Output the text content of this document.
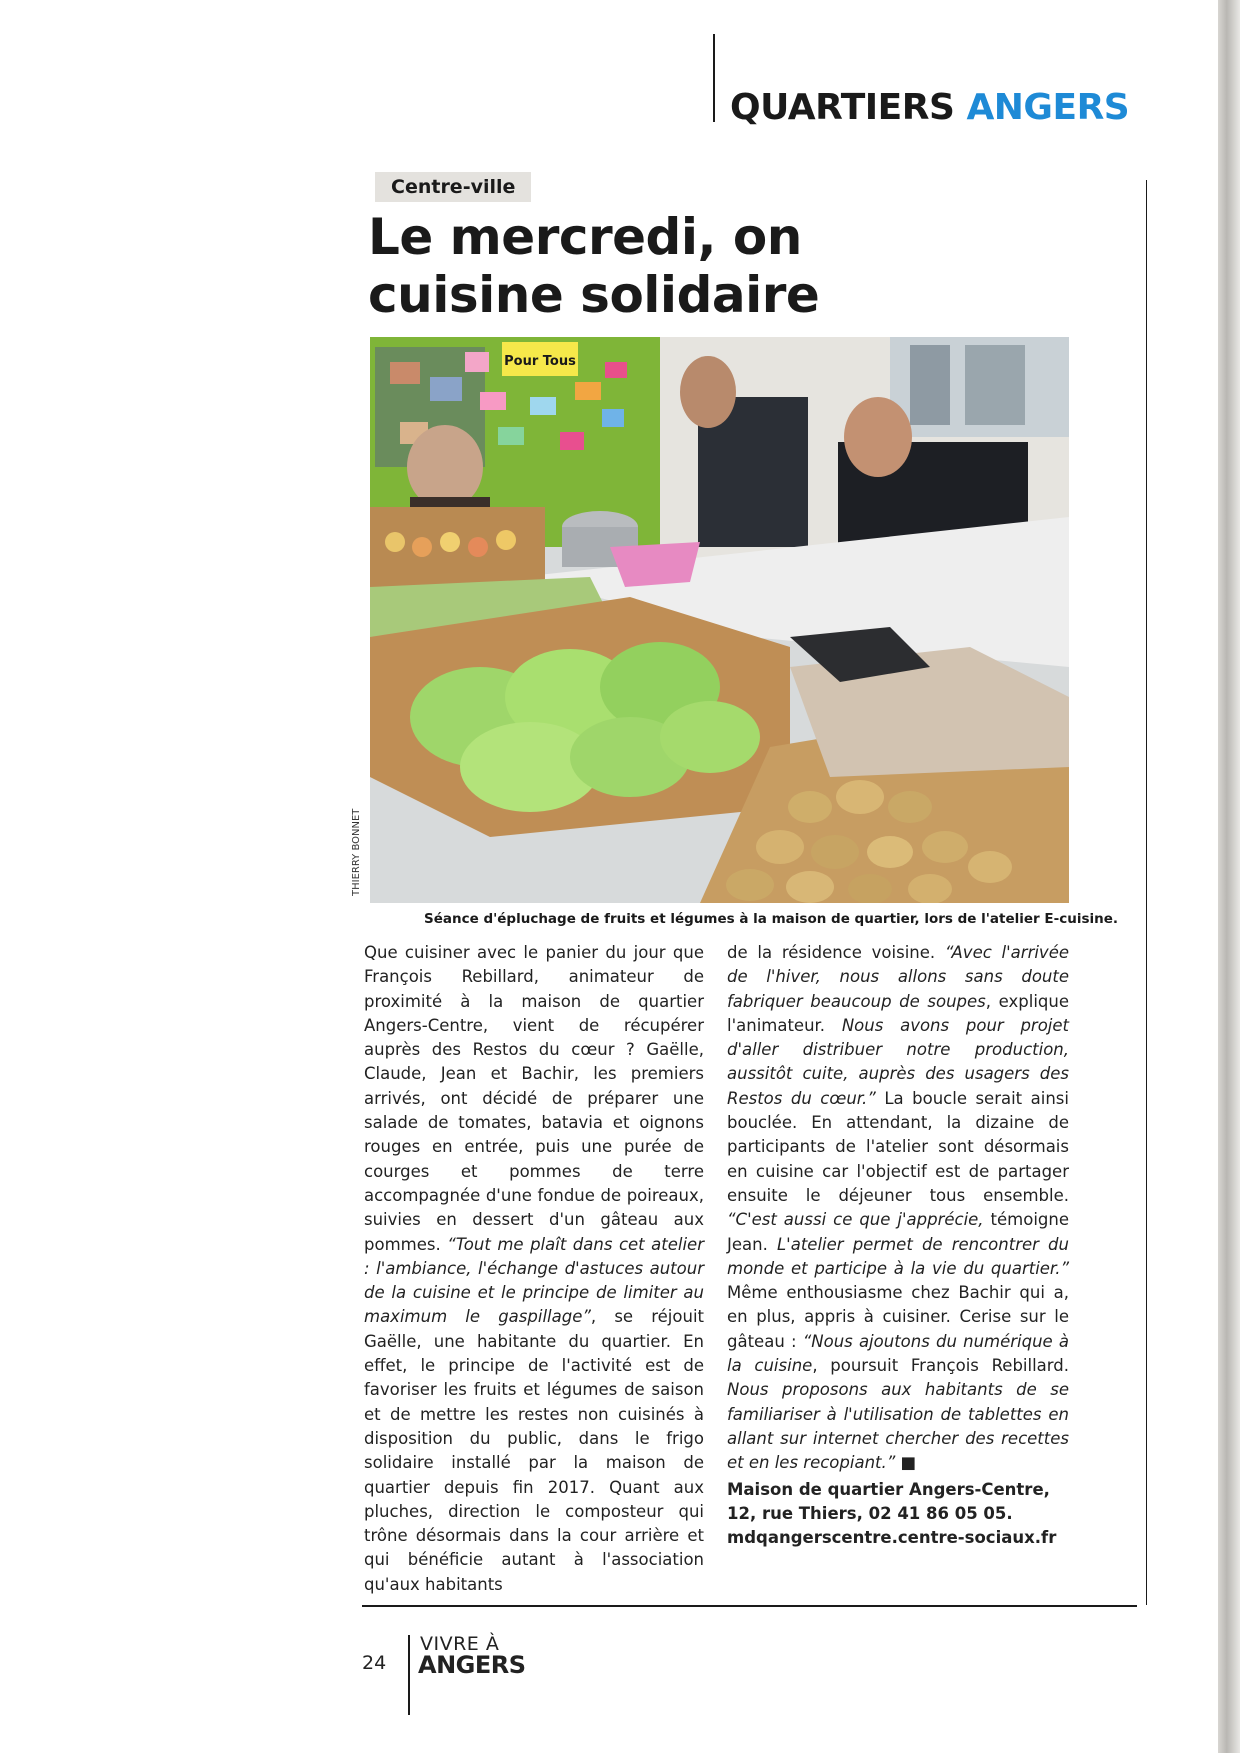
QUARTIERS ANGERS
Centre-ville
Le mercredi, on cuisine solidaire
Pour Tous
THIERRY BONNET
Séance d'épluchage de fruits et légumes à la maison de quartier, lors de l'atelier E-cuisine.

Que cuisiner avec le panier du jour que François Rebillard, animateur de proximité à la maison de quartier Angers-Centre, vient de récupérer auprès des Restos du cœur ? Gaëlle, Claude, Jean et Bachir, les premiers arrivés, ont décidé de préparer une salade de tomates, batavia et oignons rouges en entrée, puis une purée de courges et pommes de terre accompagnée d'une fondue de poireaux, suivies en dessert d'un gâteau aux pommes. “Tout me plaît dans cet atelier : l'ambiance, l'échange d'astuces autour de la cuisine et le principe de limiter au maximum le gaspillage”, se réjouit Gaëlle, une habitante du quartier. En effet, le principe de l'activité est de favoriser les fruits et légumes de saison et de mettre les restes non cuisinés à disposition du public, dans le frigo solidaire installé par la maison de quartier depuis fin 2017. Quant aux pluches, direction le composteur qui trône désormais dans la cour arrière et qui bénéficie autant à l'association qu'aux habitants

de la résidence voisine. “Avec l'arrivée de l'hiver, nous allons sans doute fabriquer beaucoup de soupes, explique l'animateur. Nous avons pour projet d'aller distribuer notre production, aussitôt cuite, auprès des usagers des Restos du cœur.” La boucle serait ainsi bouclée. En attendant, la dizaine de participants de l'atelier sont désormais en cuisine car l'objectif est de partager ensuite le déjeuner tous ensemble. “C'est aussi ce que j'apprécie, témoigne Jean. L'atelier permet de rencontrer du monde et participe à la vie du quartier.” Même enthousiasme chez Bachir qui a, en plus, appris à cuisiner. Cerise sur le gâteau : “Nous ajoutons du numérique à la cuisine, poursuit François Rebillard. Nous proposons aux habitants de se familiariser à l'utilisation de tablettes en allant sur internet chercher des recettes et en les recopiant.” ■

Maison de quartier Angers-Centre,
12, rue Thiers, 02 41 86 05 05.
mdqangerscentre.centre-sociaux.fr

24
VIVRE À
ANGERS
